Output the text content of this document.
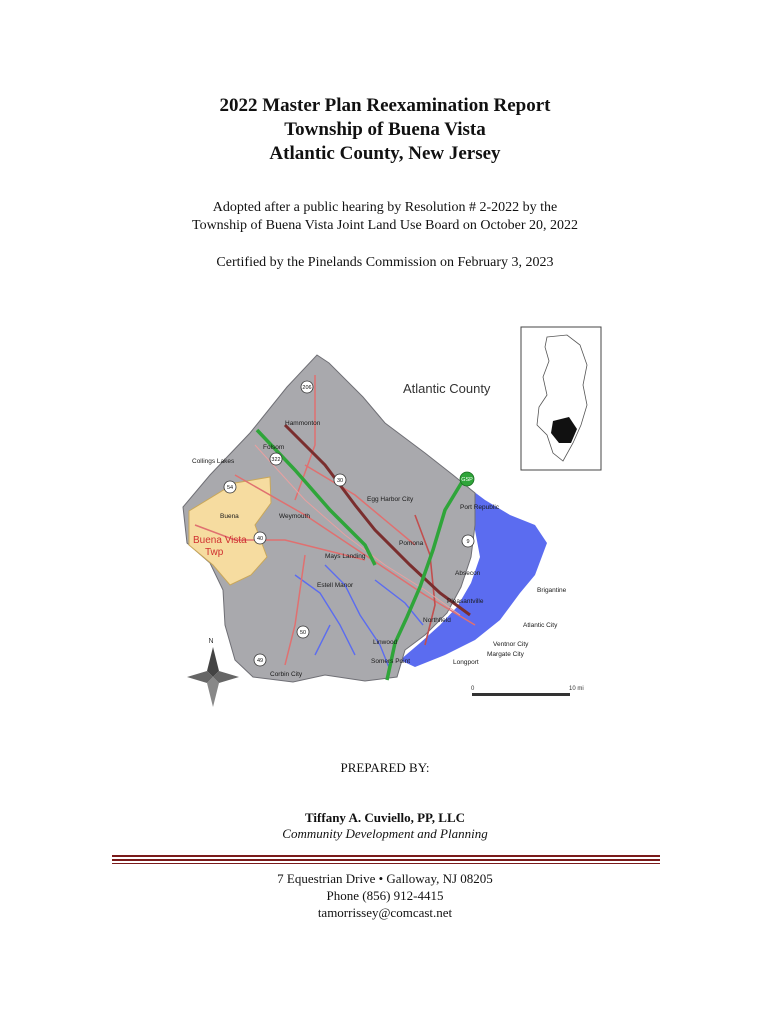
2022 Master Plan Reexamination Report
Township of Buena Vista
Atlantic County, New Jersey
Adopted after a public hearing by Resolution # 2-2022 by the
Township of Buena Vista Joint Land Use Board on October 20, 2022
Certified by the Pinelands Commission on February 3, 2023
Atlantic County
Buena Vista
Twp
Hammonton
Folsom
Collings Lakes
Buena	Weymouth
Egg Harbor City
Port Republic
Pomona
Mays Landing
Estell Manor
Absecon
Brigantine
Pleasantville
Northfield
Atlantic City
Linwood	Ventnor City
Margate City
Somers Point	Longport
Corbin City
206
322
54
30
40	9
50
49
GSP
N
0	10 mi
PREPARED BY:
Tiffany A. Cuviello, PP, LLC
Community Development and Planning
7 Equestrian Drive • Galloway, NJ 08205
Phone (856) 912-4415
tamorrissey@comcast.net
